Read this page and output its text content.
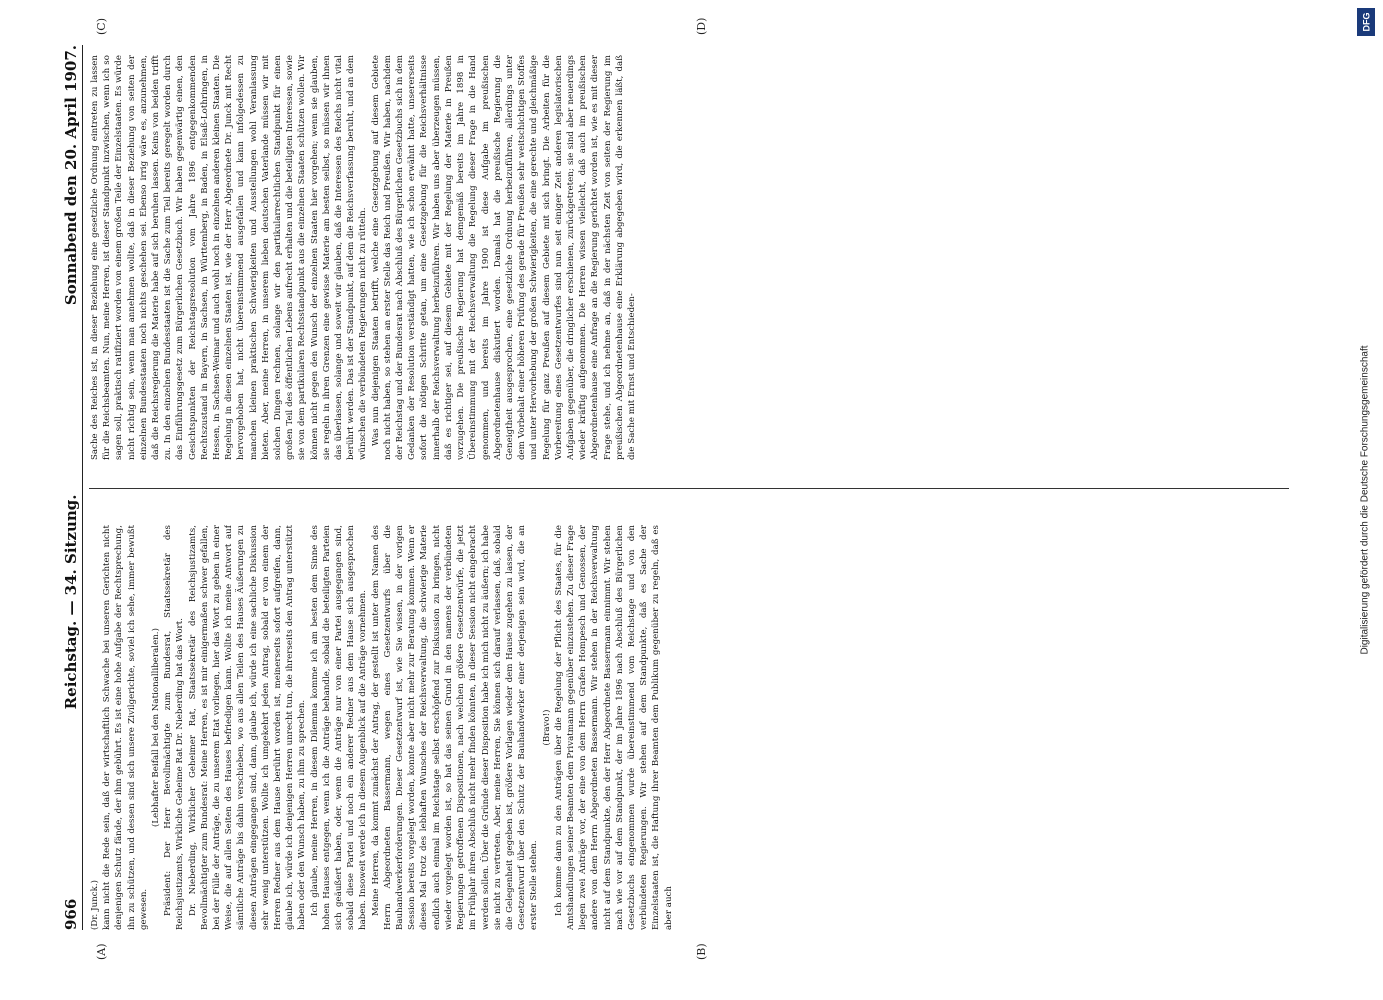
966
Reichstag. — 34. Sitzung.
Sonnabend den 20. April 1907.
(A)	(B)
(C)	(D)

(Dr. Junck.) kann nicht die Rede sein, daß der wirtschaftlich Schwache bei unseren Gerichten nicht denjenigen Schutz fände, der ihm gebührt. Es ist eine hohe Aufgabe der Rechtsprechung, ihn zu schützen, und dessen sind sich unsere Zivilgerichte, soviel ich sehe, immer bewußt gewesen.

(Lebhafter Beifall bei den Nationalliberalen.) Präsident: Der Herr Bevollmächtigte zum Bundesrat, Staatssekretär des Reichsjustizamts, Wirkliche Geheime Rat Dr. Nieberding hat das Wort. Dr. Nieberding, Wirklicher Geheimer Rat, Staatssekretär des Reichsjustizamts, Bevollmächtigter zum Bundesrat: Meine Herren, es ist mir einigermaßen schwer gefallen, bei der Fülle der Anträge, die zu unserem Etat vorliegen, hier das Wort zu geben in einer Weise, die auf allen Seiten des Hauses befriedigen kann. Wollte ich meine Antwort auf sämtliche Anträge bis dahin verschieben, wo aus allen Teilen des Hauses Äußerungen zu diesen Anträgen eingegangen sind, dann, glaube ich, würde ich eine sachliche Diskussion sehr wenig unterstützen. Wollte ich umgekehrt jeden Antrag, sobald er von einem der Herren Redner aus dem Hause berührt worden ist, meinerseits sofort aufgreifen, dann, glaube ich, würde ich denjenigen Herren unrecht tun, die ihrerseits den Antrag unterstützt haben oder den Wunsch haben, zu ihm zu sprechen. Ich glaube, meine Herren, in diesem Dilemma komme ich am besten dem Sinne des hohen Hauses entgegen, wenn ich die Anträge behandle, sobald die beteiligten Parteien sich geäußert haben, oder, wenn die Anträge nur von einer Partei ausgegangen sind, sobald diese Partei und noch ein anderer Redner aus dem Hause sich ausgesprochen haben. Insoweit werde ich in diesem Augenblick auf die Anträge vornehmen. Meine Herren, da kommt zunächst der Antrag, der gestellt ist unter dem Namen des Herrn Abgeordneten Bassermann, wegen eines Gesetzentwurfs über die Bauhandwerkerforderungen. Dieser Gesetzentwurf ist, wie Sie wissen, in der vorigen Session bereits vorgelegt worden, konnte aber nicht mehr zur Beratung kommen. Wenn er dieses Mal trotz des lebhaften Wunsches der Reichsverwaltung, die schwierige Materie endlich auch einmal im Reichstage selbst erschöpfend zur Diskussion zu bringen, nicht wieder vorgelegt worden ist, so hat das seinen Grund in den namens der verbündeten Regierungen getroffenen Dispositionen, nach welchen größere Gesetzentwürfe, die jetzt im Frühjahr ihren Abschluß nicht mehr finden könnten, in dieser Session nicht eingebracht werden sollen. Über die Gründe dieser Disposition habe ich mich nicht zu äußern; ich habe sie nicht zu vertreten. Aber, meine Herren, Sie können sich darauf verlassen, daß, sobald die Gelegenheit gegeben ist, größere Vorlagen wieder dem Hause zugehen zu lassen, der Gesetzentwurf über den Schutz der Bauhandwerker einer derjenigen sein wird, die an erster Stelle stehen.

(Bravo!) Ich komme dann zu den Anträgen über die Regelung der Pflicht des Staates, für die Amtshandlungen seiner Beamten dem Privatmann gegenüber einzustehen. Zu dieser Frage liegen zwei Anträge vor, der eine von dem Herrn Grafen Hompesch und Genossen, der andere von dem Herrn Abgeordneten Bassermann. Wir stehen in der Reichsverwaltung nicht auf dem Standpunkte, den der Herr Abgeordnete Bassermann einnimmt. Wir stehen nach wie vor auf dem Standpunkt, der im Jahre 1896 nach Abschluß des Bürgerlichen Gesetzbuchs eingenommen wurde übereinstimmend vom Reichstage und von den verbündeten Regierungen. Wir stehen auf dem Standpunkte, daß es Sache der Einzelstaaten ist, die Haftung ihrer Beamten dem Publikum gegenüber zu regeln, daß es aber auch

Sache des Reiches ist, in dieser Beziehung eine gesetzliche Ordnung eintreten zu lassen für die Reichsbeamten. Nun, meine Herren, ist dieser Standpunkt inzwischen, wenn ich so sagen soll, praktisch ratifiziert worden von einem großen Teile der Einzelstaaten. Es würde nicht richtig sein, wenn man annehmen wollte, daß in dieser Beziehung von seiten der einzelnen Bundesstaaten noch nichts geschehen sei. Ebenso irrig wäre es, anzunehmen, daß die Reichsregierung die Materie habe auf sich beruhen lassen. Keins von beiden trifft zu. In den einzelnen Bundesstaaten ist die Sache zum Teil bereits geregelt worden durch das Einführungsgesetz zum Bürgerlichen Gesetzbuch. Wir haben gegenwärtig einen, den Gesichtspunkten der Reichstagsresolution vom Jahre 1896 entgegenkommenden Rechtszustand in Bayern, in Sachsen, in Württemberg, in Baden, in Elsaß-Lothringen, in Hessen, in Sachsen-Weimar und auch wohl noch in einzelnen anderen kleinen Staaten. Die Regelung in diesen einzelnen Staaten ist, wie der Herr Abgeordnete Dr. Junck mit Recht hervorgehoben hat, nicht übereinstimmend ausgefallen und kann infolgedessen zu manchen kleinen praktischen Schwierigkeiten und Ausstellungen wohl Veranlassung bieten. Aber, meine Herren, in unserem lieben deutschen Vaterlande müssen wir mit solchen Dingen rechnen, solange wir den partikularrechtlichen Standpunkt für einen großen Teil des öffentlichen Lebens aufrecht erhalten und die beteiligten Interessen, sowie sie von dem partikularen Rechtsstandpunkt aus die einzelnen Staaten schützen wollen. Wir können nicht gegen den Wunsch der einzelnen Staaten hier vorgehen; wenn sie glauben, sie regeln in ihren Grenzen eine gewisse Materie am besten selbst, so müssen wir ihnen das überlassen, solange und soweit wir glauben, daß die Interessen des Reichs nicht vital berührt werden. Das ist der Standpunkt, auf dem die Reichsverfassung beruht, und an dem wünschen die verbündeten Regierungen nicht zu rütteln. Was nun diejenigen Staaten betrifft, welche eine Gesetzgebung auf diesem Gebiete noch nicht haben, so stehen an erster Stelle das Reich und Preußen. Wir haben, nachdem der Reichstag und der Bundesrat nach Abschluß des Bürgerlichen Gesetzbuchs sich in dem Gedanken der Resolution verständigt hatten, wie ich schon erwähnt hatte, unsererseits sofort die nötigen Schritte getan, um eine Gesetzgebung für die Reichsverhältnisse innerhalb der Reichsverwaltung herbeizuführen. Wir haben uns aber überzeugen müssen, daß es richtiger sei, auf diesem Gebiete mit der Regelung der Materie in Preußen vorzugehen. Die preußische Regierung hat demgemäß bereits im Jahre 1898 in Übereinstimmung mit der Reichsverwaltung die Regelung dieser Frage in die Hand genommen, und bereits im Jahre 1900 ist diese Aufgabe im preußischen Abgeordnetenhause diskutiert worden. Damals hat die preußische Regierung die Geneigtheit ausgesprochen, eine gesetzliche Ordnung herbeizuführen, allerdings unter dem Vorbehalt einer höheren Prüfung des gerade für Preußen sehr weitschichtigen Stoffes und unter Hervorhebung der großen Schwierigkeiten, die eine gerechte und gleichmäßige Regelung für ganz Preußen auf diesem Gebiete mit sich bringt. Die Arbeiten für die Vorbereitung eines Gesetzentwurfes sind nun seit einiger Zeit anderen legislatorischen Aufgaben gegenüber, die dringlicher erschienen, zurückgetreten; sie sind aber neuerdings wieder kräftig aufgenommen. Die Herren wissen vielleicht, daß auch im preußischen Abgeordnetenhause eine Anfrage an die Regierung gerichtet worden ist, wie es mit dieser Frage stehe, und ich nehme an, daß in der nächsten Zeit von seiten der Regierung im preußischen Abgeordnetenhause eine Erklärung abgegeben wird, die erkennen läßt, daß die Sache mit Ernst und Entschieden-

DFG
Digitalisierung gefördert durch die Deutsche Forschungsgemeinschaft
